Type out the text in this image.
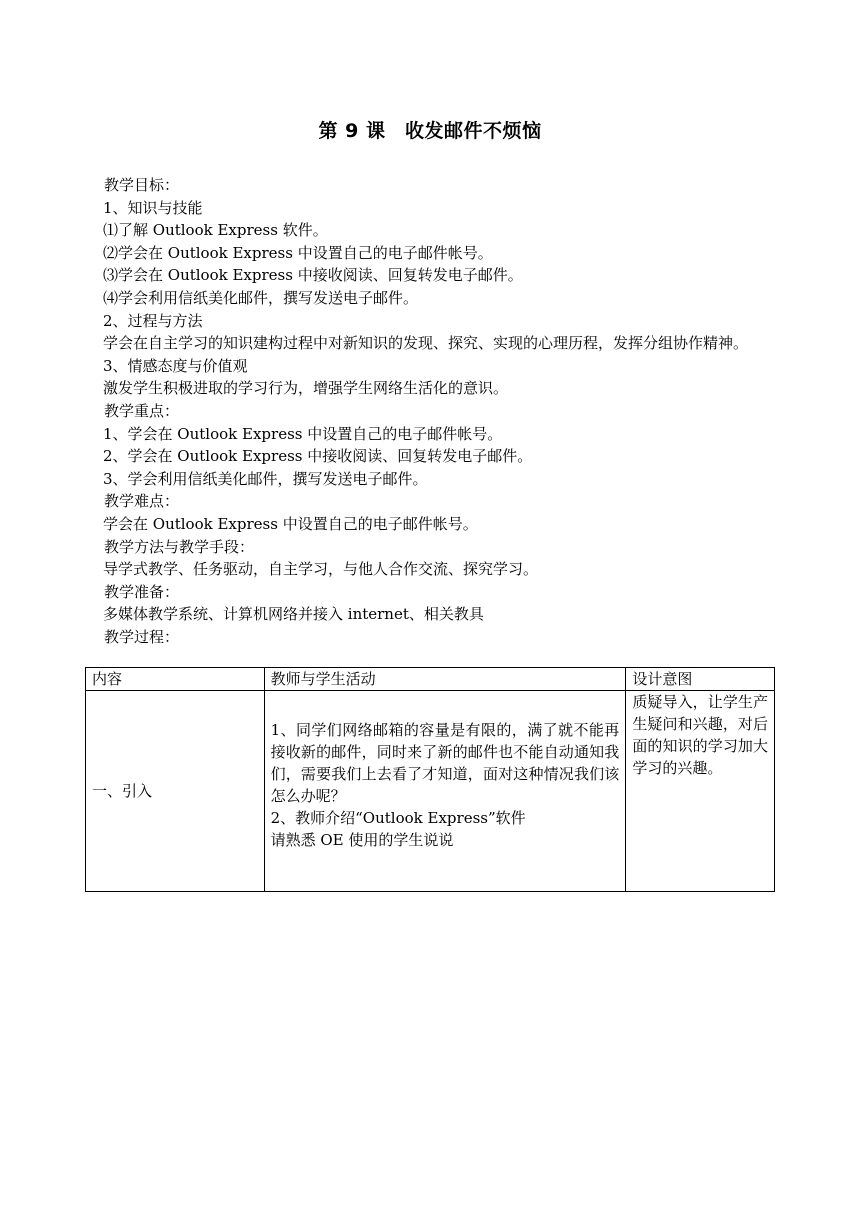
第 9 课　收发邮件不烦恼
教学目标：
1、知识与技能
⑴了解 Outlook Express 软件。
⑵学会在 Outlook Express 中设置自己的电子邮件帐号。
⑶学会在 Outlook Express 中接收阅读、回复转发电子邮件。
⑷学会利用信纸美化邮件，撰写发送电子邮件。
2、过程与方法
学会在自主学习的知识建构过程中对新知识的发现、探究、实现的心理历程，发挥分组协作精神。
3、情感态度与价值观
激发学生积极进取的学习行为，增强学生网络生活化的意识。
教学重点：
1、学会在 Outlook Express 中设置自己的电子邮件帐号。
2、学会在 Outlook Express 中接收阅读、回复转发电子邮件。
3、学会利用信纸美化邮件，撰写发送电子邮件。
教学难点：
学会在 Outlook Express 中设置自己的电子邮件帐号。
教学方法与教学手段：
导学式教学、任务驱动，自主学习，与他人合作交流、探究学习。
教学准备：
多媒体教学系统、计算机网络并接入 internet、相关教具
教学过程：
内容	教师与学生活动	设计意图
一、引入	1、同学们网络邮箱的容量是有限的，满了就不能再接收新的邮件，同时来了新的邮件也不能自动通知我们，需要我们上去看了才知道，面对这种情况我们该怎么办呢？
2、教师介绍“Outlook Express”软件
请熟悉 OE 使用的学生说说	质疑导入，让学生产生疑问和兴趣，对后面的知识的学习加大学习的兴趣。
